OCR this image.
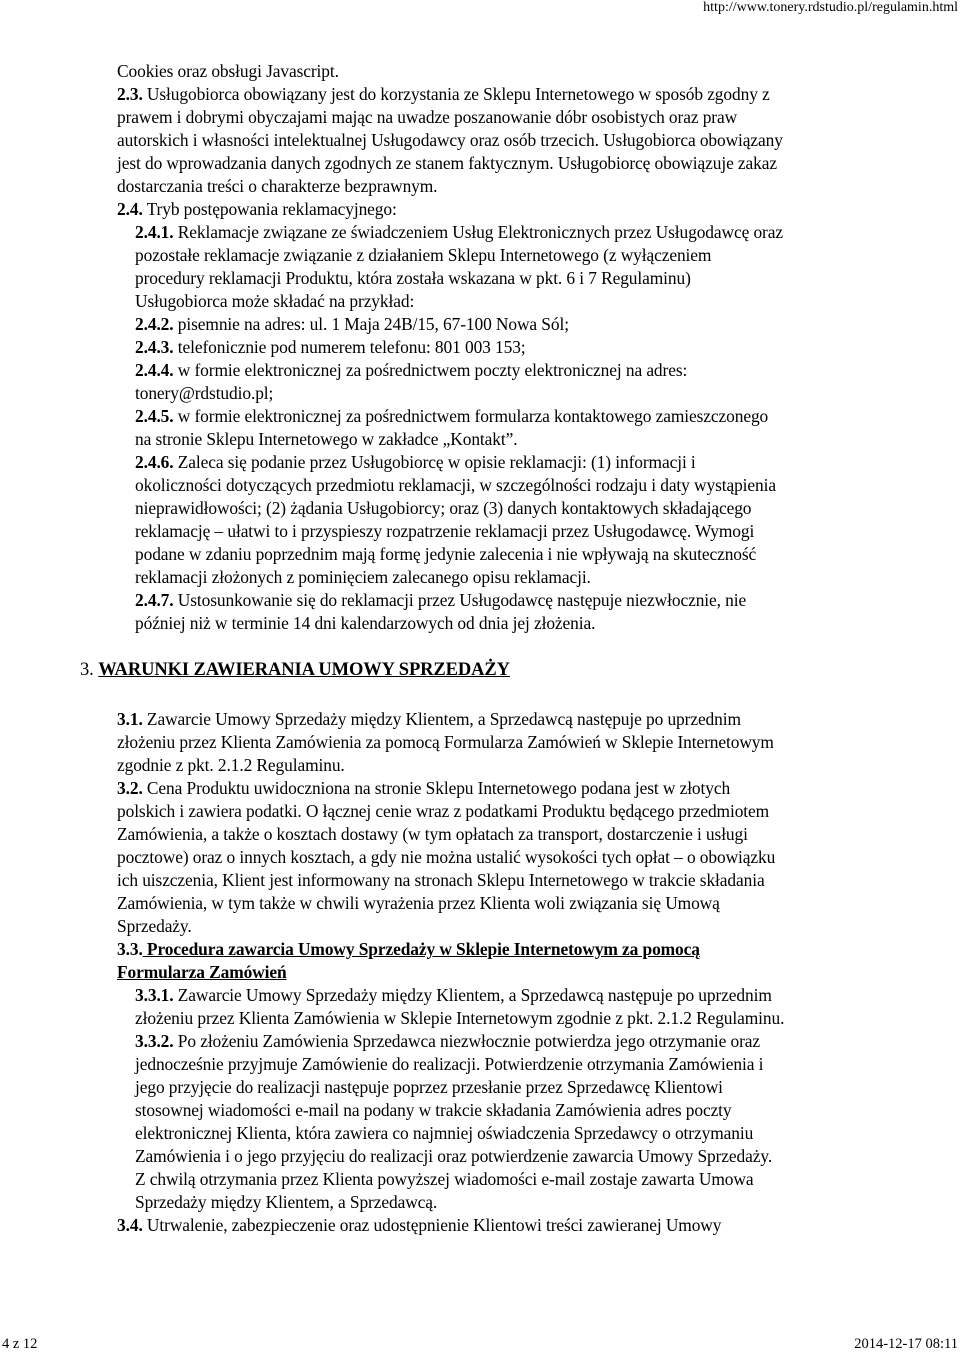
http://www.tonery.rdstudio.pl/regulamin.html
Cookies oraz obsługi Javascript.
2.3. Usługobiorca obowiązany jest do korzystania ze Sklepu Internetowego w sposób zgodny z
prawem i dobrymi obyczajami mając na uwadze poszanowanie dóbr osobistych oraz praw
autorskich i własności intelektualnej Usługodawcy oraz osób trzecich. Usługobiorca obowiązany
jest do wprowadzania danych zgodnych ze stanem faktycznym. Usługobiorcę obowiązuje zakaz
dostarczania treści o charakterze bezprawnym.
2.4. Tryb postępowania reklamacyjnego:
2.4.1. Reklamacje związane ze świadczeniem Usług Elektronicznych przez Usługodawcę oraz
pozostałe reklamacje związanie z działaniem Sklepu Internetowego (z wyłączeniem
procedury reklamacji Produktu, która została wskazana w pkt. 6 i 7 Regulaminu)
Usługobiorca może składać na przykład:
2.4.2. pisemnie na adres: ul. 1 Maja 24B/15, 67-100 Nowa Sól;
2.4.3. telefonicznie pod numerem telefonu: 801 003 153;
2.4.4. w formie elektronicznej za pośrednictwem poczty elektronicznej na adres:
tonery@rdstudio.pl;
2.4.5. w formie elektronicznej za pośrednictwem formularza kontaktowego zamieszczonego
na stronie Sklepu Internetowego w zakładce „Kontakt”.
2.4.6. Zaleca się podanie przez Usługobiorcę w opisie reklamacji: (1) informacji i
okoliczności dotyczących przedmiotu reklamacji, w szczególności rodzaju i daty wystąpienia
nieprawidłowości; (2) żądania Usługobiorcy; oraz (3) danych kontaktowych składającego
reklamację – ułatwi to i przyspieszy rozpatrzenie reklamacji przez Usługodawcę. Wymogi
podane w zdaniu poprzednim mają formę jedynie zalecenia i nie wpływają na skuteczność
reklamacji złożonych z pominięciem zalecanego opisu reklamacji.
2.4.7. Ustosunkowanie się do reklamacji przez Usługodawcę następuje niezwłocznie, nie
później niż w terminie 14 dni kalendarzowych od dnia jej złożenia.
3. WARUNKI ZAWIERANIA UMOWY SPRZEDAŻY
3.1. Zawarcie Umowy Sprzedaży między Klientem, a Sprzedawcą następuje po uprzednim
złożeniu przez Klienta Zamówienia za pomocą Formularza Zamówień w Sklepie Internetowym
zgodnie z pkt. 2.1.2 Regulaminu.
3.2. Cena Produktu uwidoczniona na stronie Sklepu Internetowego podana jest w złotych
polskich i zawiera podatki. O łącznej cenie wraz z podatkami Produktu będącego przedmiotem
Zamówienia, a także o kosztach dostawy (w tym opłatach za transport, dostarczenie i usługi
pocztowe) oraz o innych kosztach, a gdy nie można ustalić wysokości tych opłat – o obowiązku
ich uiszczenia, Klient jest informowany na stronach Sklepu Internetowego w trakcie składania
Zamówienia, w tym także w chwili wyrażenia przez Klienta woli związania się Umową
Sprzedaży.
3.3. Procedura zawarcia Umowy Sprzedaży w Sklepie Internetowym za pomocą
Formularza Zamówień
3.3.1. Zawarcie Umowy Sprzedaży między Klientem, a Sprzedawcą następuje po uprzednim
złożeniu przez Klienta Zamówienia w Sklepie Internetowym zgodnie z pkt. 2.1.2 Regulaminu.
3.3.2. Po złożeniu Zamówienia Sprzedawca niezwłocznie potwierdza jego otrzymanie oraz
jednocześnie przyjmuje Zamówienie do realizacji. Potwierdzenie otrzymania Zamówienia i
jego przyjęcie do realizacji następuje poprzez przesłanie przez Sprzedawcę Klientowi
stosownej wiadomości e-mail na podany w trakcie składania Zamówienia adres poczty
elektronicznej Klienta, która zawiera co najmniej oświadczenia Sprzedawcy o otrzymaniu
Zamówienia i o jego przyjęciu do realizacji oraz potwierdzenie zawarcia Umowy Sprzedaży.
Z chwilą otrzymania przez Klienta powyższej wiadomości e-mail zostaje zawarta Umowa
Sprzedaży między Klientem, a Sprzedawcą.
3.4. Utrwalenie, zabezpieczenie oraz udostępnienie Klientowi treści zawieranej Umowy
4 z 12	2014-12-17 08:11
